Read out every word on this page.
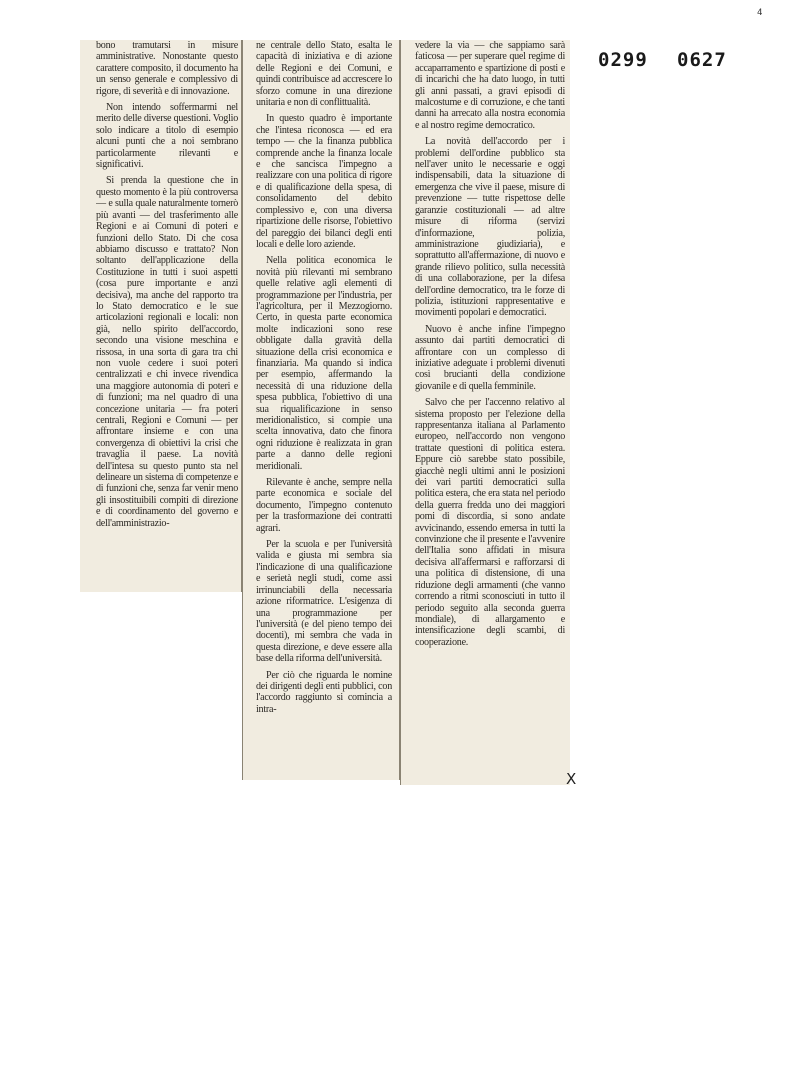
4
0299 0627

bono tramutarsi in misure amministrative. Nonostante questo carattere composito, il documento ha un senso generale e complessivo di rigore, di severità e di innovazione.

Non intendo soffermarmi nel merito delle diverse questioni. Voglio solo indicare a titolo di esempio alcuni punti che a noi sembrano particolarmente rilevanti e significativi.

Si prenda la questione che in questo momento è la più controversa — e sulla quale naturalmente tornerò più avanti — del trasferimento alle Regioni e ai Comuni di poteri e funzioni dello Stato. Di che cosa abbiamo discusso e trattato? Non soltanto dell'applicazione della Costituzione in tutti i suoi aspetti (cosa pure importante e anzi decisiva), ma anche del rapporto tra lo Stato democratico e le sue articolazioni regionali e locali: non già, nello spirito dell'accordo, secondo una visione meschina e rissosa, in una sorta di gara tra chi non vuole cedere i suoi poteri centralizzati e chi invece rivendica una maggiore autonomia di poteri e di funzioni; ma nel quadro di una concezione unitaria — fra poteri centrali, Regioni e Comuni — per affrontare insieme e con una convergenza di obiettivi la crisi che travaglia il paese. La novità dell'intesa su questo punto sta nel delineare un sistema di competenze e di funzioni che, senza far venir meno gli insostituibili compiti di direzione e di coordinamento del governo e dell'amministrazio-

ne centrale dello Stato, esalta le capacità di iniziativa e di azione delle Regioni e dei Comuni, e quindi contribuisce ad accrescere lo sforzo comune in una direzione unitaria e non di conflittualità.

In questo quadro è importante che l'intesa riconosca — ed era tempo — che la finanza pubblica comprende anche la finanza locale e che sancisca l'impegno a realizzare con una politica di rigore e di qualificazione della spesa, di consolidamento del debito complessivo e, con una diversa ripartizione delle risorse, l'obiettivo del pareggio dei bilanci degli enti locali e delle loro aziende.

Nella politica economica le novità più rilevanti mi sembrano quelle relative agli elementi di programmazione per l'industria, per l'agricoltura, per il Mezzogiorno. Certo, in questa parte economica molte indicazioni sono rese obbligate dalla gravità della situazione della crisi economica e finanziaria. Ma quando si indica per esempio, affermando la necessità di una riduzione della spesa pubblica, l'obiettivo di una sua riqualificazione in senso meridionalistico, si compie una scelta innovativa, dato che finora ogni riduzione è realizzata in gran parte a danno delle regioni meridionali.

Rilevante è anche, sempre nella parte economica e sociale del documento, l'impegno contenuto per la trasformazione dei contratti agrari.

Per la scuola e per l'università valida e giusta mi sembra sia l'indicazione di una qualificazione e serietà negli studi, come assi irrinunciabili della necessaria azione riformatrice. L'esigenza di una programmazione per l'università (e del pieno tempo dei docenti), mi sembra che vada in questa direzione, e deve essere alla base della riforma dell'università.

Per ciò che riguarda le nomine dei dirigenti degli enti pubblici, con l'accordo raggiunto si comincia a intra-

vedere la via — che sappiamo sarà faticosa — per superare quel regime di accaparramento e spartizione di posti e di incarichi che ha dato luogo, in tutti gli anni passati, a gravi episodi di malcostume e di corruzione, e che tanti danni ha arrecato alla nostra economia e al nostro regime democratico.

La novità dell'accordo per i problemi dell'ordine pubblico sta nell'aver unito le necessarie e oggi indispensabili, data la situazione di emergenza che vive il paese, misure di prevenzione — tutte rispettose delle garanzie costituzionali — ad altre misure di riforma (servizi d'informazione, polizia, amministrazione giudiziaria), e soprattutto all'affermazione, di nuovo e grande rilievo politico, sulla necessità di una collaborazione, per la difesa dell'ordine democratico, tra le forze di polizia, istituzioni rappresentative e movimenti popolari e democratici.

Nuovo è anche infine l'impegno assunto dai partiti democratici di affrontare con un complesso di iniziative adeguate i problemi divenuti così brucianti della condizione giovanile e di quella femminile.

Salvo che per l'accenno relativo al sistema proposto per l'elezione della rappresentanza italiana al Parlamento europeo, nell'accordo non vengono trattate questioni di politica estera. Eppure ciò sarebbe stato possibile, giacchè negli ultimi anni le posizioni dei vari partiti democratici sulla politica estera, che era stata nel periodo della guerra fredda uno dei maggiori pomi di discordia, si sono andate avvicinando, essendo emersa in tutti la convinzione che il presente e l'avvenire dell'Italia sono affidati in misura decisiva all'affermarsi e rafforzarsi di una politica di distensione, di una riduzione degli armamenti (che vanno correndo a ritmi sconosciuti in tutto il periodo seguito alla seconda guerra mondiale), di allargamento e intensificazione degli scambi, di cooperazione.

X
